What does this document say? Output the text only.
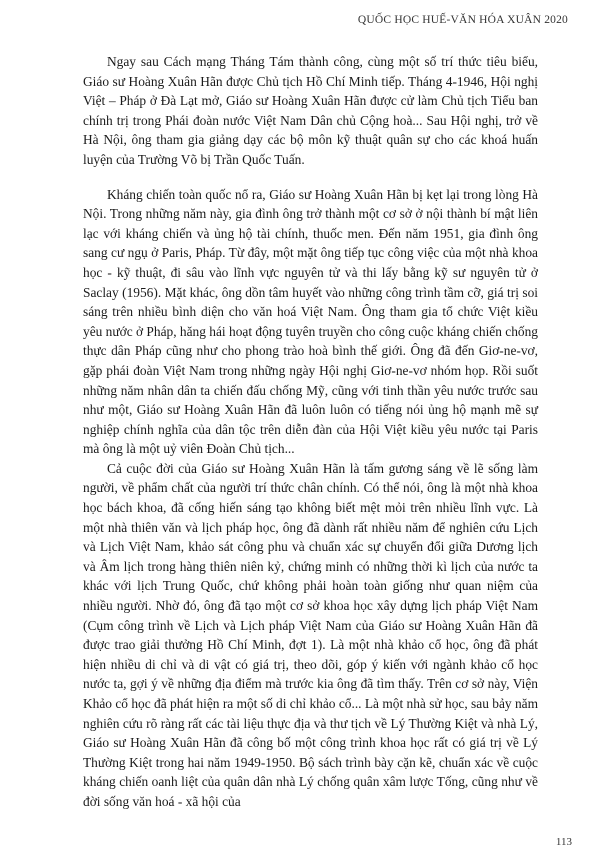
QUỐC HỌC HUẾ-VĂN HÓA XUÂN 2020

Ngay sau Cách mạng Tháng Tám thành công, cùng một số trí thức tiêu biểu, Giáo sư Hoàng Xuân Hãn được Chủ tịch Hồ Chí Minh tiếp. Tháng 4-1946, Hội nghị Việt – Pháp ở Đà Lạt mở, Giáo sư Hoàng Xuân Hãn được cử làm Chủ tịch Tiểu ban chính trị trong Phái đoàn nước Việt Nam Dân chủ Cộng hoà... Sau Hội nghị, trở về Hà Nội, ông tham gia giảng dạy các bộ môn kỹ thuật quân sự cho các khoá huấn luyện của Trường Võ bị Trần Quốc Tuấn.

Kháng chiến toàn quốc nổ ra, Giáo sư Hoàng Xuân Hãn bị kẹt lại trong lòng Hà Nội. Trong những năm này, gia đình ông trở thành một cơ sở ở nội thành bí mật liên lạc với kháng chiến và ủng hộ tài chính, thuốc men. Đến năm 1951, gia đình ông sang cư ngụ ở Paris, Pháp. Từ đây, một mặt ông tiếp tục công việc của một nhà khoa học - kỹ thuật, đi sâu vào lĩnh vực nguyên tử và thi lấy bằng kỹ sư nguyên tử ở Saclay (1956). Mặt khác, ông dồn tâm huyết vào những công trình tầm cỡ, giá trị soi sáng trên nhiều bình diện cho văn hoá Việt Nam. Ông tham gia tổ chức Việt kiều yêu nước ở Pháp, hăng hái hoạt động tuyên truyền cho công cuộc kháng chiến chống thực dân Pháp cũng như cho phong trào hoà bình thế giới. Ông đã đến Giơ-ne-vơ, gặp phái đoàn Việt Nam trong những ngày Hội nghị Giơ-ne-vơ nhóm họp. Rồi suốt những năm nhân dân ta chiến đấu chống Mỹ, cũng với tinh thần yêu nước trước sau như một, Giáo sư Hoàng Xuân Hãn đã luôn luôn có tiếng nói ủng hộ mạnh mẽ sự nghiệp chính nghĩa của dân tộc trên diễn đàn của Hội Việt kiều yêu nước tại Paris mà ông là một uỷ viên Đoàn Chủ tịch...

Cả cuộc đời của Giáo sư Hoàng Xuân Hãn là tấm gương sáng về lẽ sống làm người, về phẩm chất của người trí thức chân chính. Có thể nói, ông là một nhà khoa học bách khoa, đã cống hiến sáng tạo không biết mệt mỏi trên nhiều lĩnh vực. Là một nhà thiên văn và lịch pháp học, ông đã dành rất nhiều năm để nghiên cứu Lịch và Lịch Việt Nam, khảo sát công phu và chuẩn xác sự chuyển đổi giữa Dương lịch và Âm lịch trong hàng thiên niên kỷ, chứng minh có những thời kì lịch của nước ta khác với lịch Trung Quốc, chứ không phải hoàn toàn giống như quan niệm của nhiều người. Nhờ đó, ông đã tạo một cơ sở khoa học xây dựng lịch pháp Việt Nam (Cụm công trình về Lịch và Lịch pháp Việt Nam của Giáo sư Hoàng Xuân Hãn đã được trao giải thưởng Hồ Chí Minh, đợt 1). Là một nhà khảo cổ học, ông đã phát hiện nhiều di chỉ và di vật có giá trị, theo dõi, góp ý kiến với ngành khảo cổ học nước ta, gợi ý về những địa điểm mà trước kia ông đã tìm thấy. Trên cơ sở này, Viện Khảo cổ học đã phát hiện ra một số di chỉ khảo cổ... Là một nhà sử học, sau bảy năm nghiên cứu rõ ràng rất các tài liệu thực địa và thư tịch về Lý Thường Kiệt và nhà Lý, Giáo sư Hoàng Xuân Hãn đã công bố một công trình khoa học rất có giá trị về Lý Thường Kiệt trong hai năm 1949-1950. Bộ sách trình bày cặn kẽ, chuẩn xác về cuộc kháng chiến oanh liệt của quân dân nhà Lý chống quân xâm lược Tống, cũng như về đời sống văn hoá - xã hội của

113
